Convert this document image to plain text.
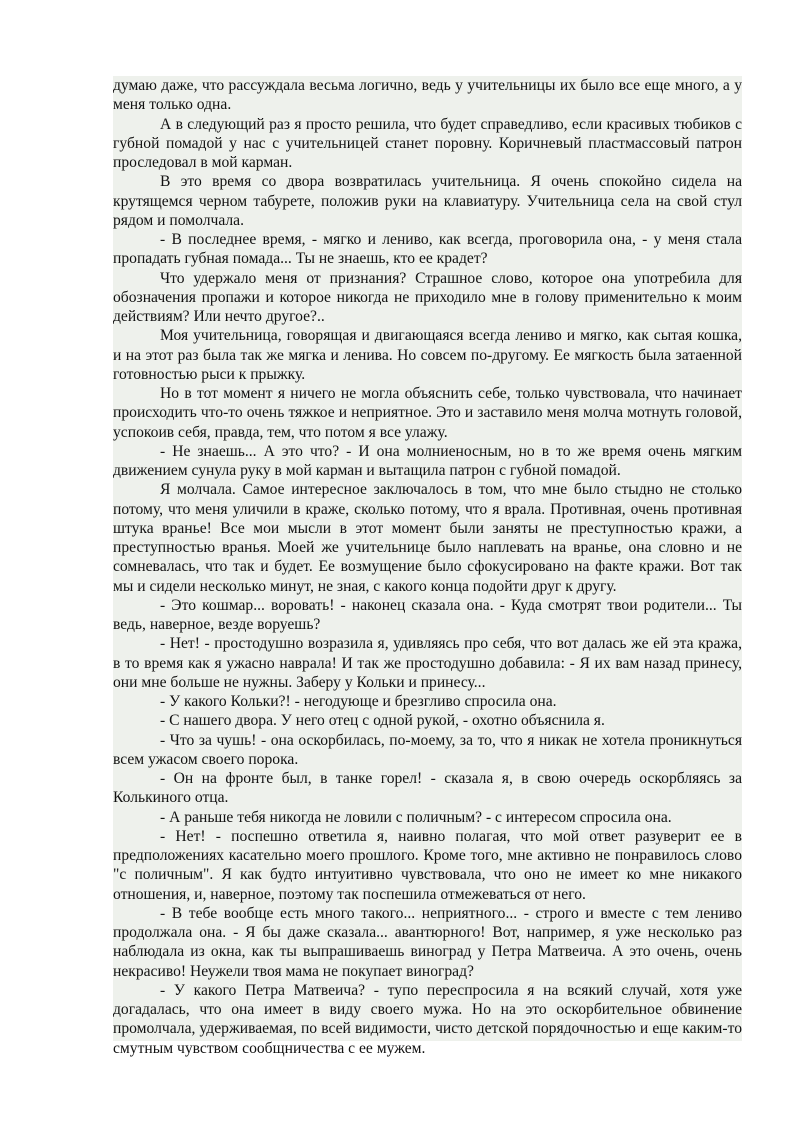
думаю даже, что рассуждала весьма логично, ведь у учительницы их было все еще много, а у меня только одна.

А в следующий раз я просто решила, что будет справедливо, если красивых тюбиков с губной помадой у нас с учительницей станет поровну. Коричневый пластмассовый патрон проследовал в мой карман.

В это время со двора возвратилась учительница. Я очень спокойно сидела на крутящемся черном табурете, положив руки на клавиатуру. Учительница села на свой стул рядом и помолчала.

- В последнее время, - мягко и лениво, как всегда, проговорила она, - у меня стала пропадать губная помада... Ты не знаешь, кто ее крадет?

Что удержало меня от признания? Страшное слово, которое она употребила для обозначения пропажи и которое никогда не приходило мне в голову применительно к моим действиям? Или нечто другое?..

Моя учительница, говорящая и двигающаяся всегда лениво и мягко, как сытая кошка, и на этот раз была так же мягка и ленива. Но совсем по-другому. Ее мягкость была затаенной готовностью рыси к прыжку.

Но в тот момент я ничего не могла объяснить себе, только чувствовала, что начинает происходить что-то очень тяжкое и неприятное. Это и заставило меня молча мотнуть головой, успокоив себя, правда, тем, что потом я все улажу.

- Не знаешь... А это что? - И она молниеносным, но в то же время очень мягким движением сунула руку в мой карман и вытащила патрон с губной помадой.

Я молчала. Самое интересное заключалось в том, что мне было стыдно не столько потому, что меня уличили в краже, сколько потому, что я врала. Противная, очень противная штука вранье! Все мои мысли в этот момент были заняты не преступностью кражи, а преступностью вранья. Моей же учительнице было наплевать на вранье, она словно и не сомневалась, что так и будет. Ее возмущение было сфокусировано на факте кражи. Вот так мы и сидели несколько минут, не зная, с какого конца подойти друг к другу.

- Это кошмар... воровать! - наконец сказала она. - Куда смотрят твои родители... Ты ведь, наверное, везде воруешь?

- Нет! - простодушно возразила я, удивляясь про себя, что вот далась же ей эта кража, в то время как я ужасно наврала! И так же простодушно добавила: - Я их вам назад принесу, они мне больше не нужны. Заберу у Кольки и принесу...

- У какого Кольки?! - негодующе и брезгливо спросила она.

- С нашего двора. У него отец с одной рукой, - охотно объяснила я.

- Что за чушь! - она оскорбилась, по-моему, за то, что я никак не хотела проникнуться всем ужасом своего порока.

- Он на фронте был, в танке горел! - сказала я, в свою очередь оскорбляясь за Колькиного отца.

- А раньше тебя никогда не ловили с поличным? - с интересом спросила она.

- Нет! - поспешно ответила я, наивно полагая, что мой ответ разуверит ее в предположениях касательно моего прошлого. Кроме того, мне активно не понравилось слово "с поличным". Я как будто интуитивно чувствовала, что оно не имеет ко мне никакого отношения, и, наверное, поэтому так поспешила отмежеваться от него.

- В тебе вообще есть много такого... неприятного... - строго и вместе с тем лениво продолжала она. - Я бы даже сказала... авантюрного! Вот, например, я уже несколько раз наблюдала из окна, как ты выпрашиваешь виноград у Петра Матвеича. А это очень, очень некрасиво! Неужели твоя мама не покупает виноград?

- У какого Петра Матвеича? - тупо переспросила я на всякий случай, хотя уже догадалась, что она имеет в виду своего мужа. Но на это оскорбительное обвинение промолчала, удерживаемая, по всей видимости, чисто детской порядочностью и еще каким-то смутным чувством сообщничества с ее мужем.
